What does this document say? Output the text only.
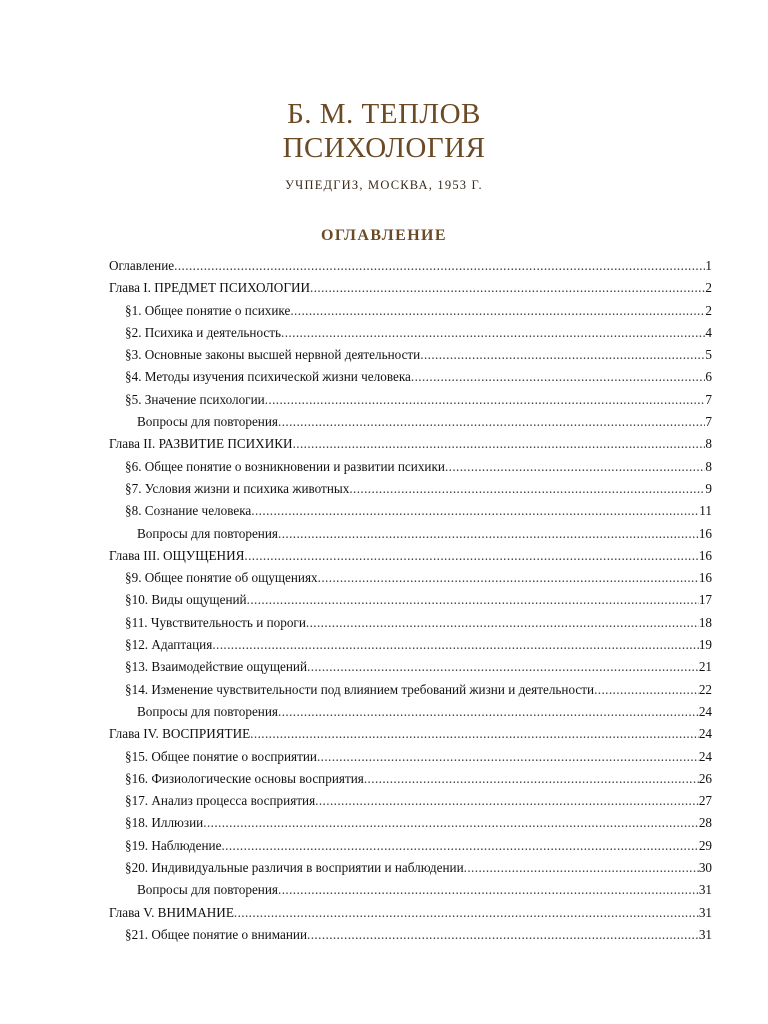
Б. М. ТЕПЛОВ
ПСИХОЛОГИЯ
УЧПЕДГИЗ, МОСКВА, 1953 Г.
ОГЛАВЛЕНИЕ
Оглавление .....	1
Глава I. ПРЕДМЕТ ПСИХОЛОГИИ .....	2
§1. Общее понятие о психике .....	2
§2. Психика и деятельность .....	4
§3. Основные законы высшей нервной деятельности .....	5
§4. Методы изучения психической жизни человека .....	6
§5. Значение психологии .....	7
Вопросы для повторения .....	7
Глава II. РАЗВИТИЕ ПСИХИКИ .....	8
§6. Общее понятие о возникновении и развитии психики .....	8
§7. Условия жизни и психика животных .....	9
§8. Сознание человека .....	11
Вопросы для повторения .....	16
Глава III. ОЩУЩЕНИЯ .....	16
§9. Общее понятие об ощущениях .....	16
§10. Виды ощущений .....	17
§11. Чувствительность и пороги .....	18
§12. Адаптация .....	19
§13. Взаимодействие ощущений .....	21
§14. Изменение чувствительности под влиянием требований жизни и деятельности .....	22
Вопросы для повторения .....	24
Глава IV. ВОСПРИЯТИЕ .....	24
§15. Общее понятие о восприятии .....	24
§16. Физиологические основы восприятия .....	26
§17. Анализ процесса восприятия .....	27
§18. Иллюзии .....	28
§19. Наблюдение .....	29
§20. Индивидуальные различия в восприятии и наблюдении .....	30
Вопросы для повторения .....	31
Глава V. ВНИМАНИЕ .....	31
§21. Общее понятие о внимании .....	31
